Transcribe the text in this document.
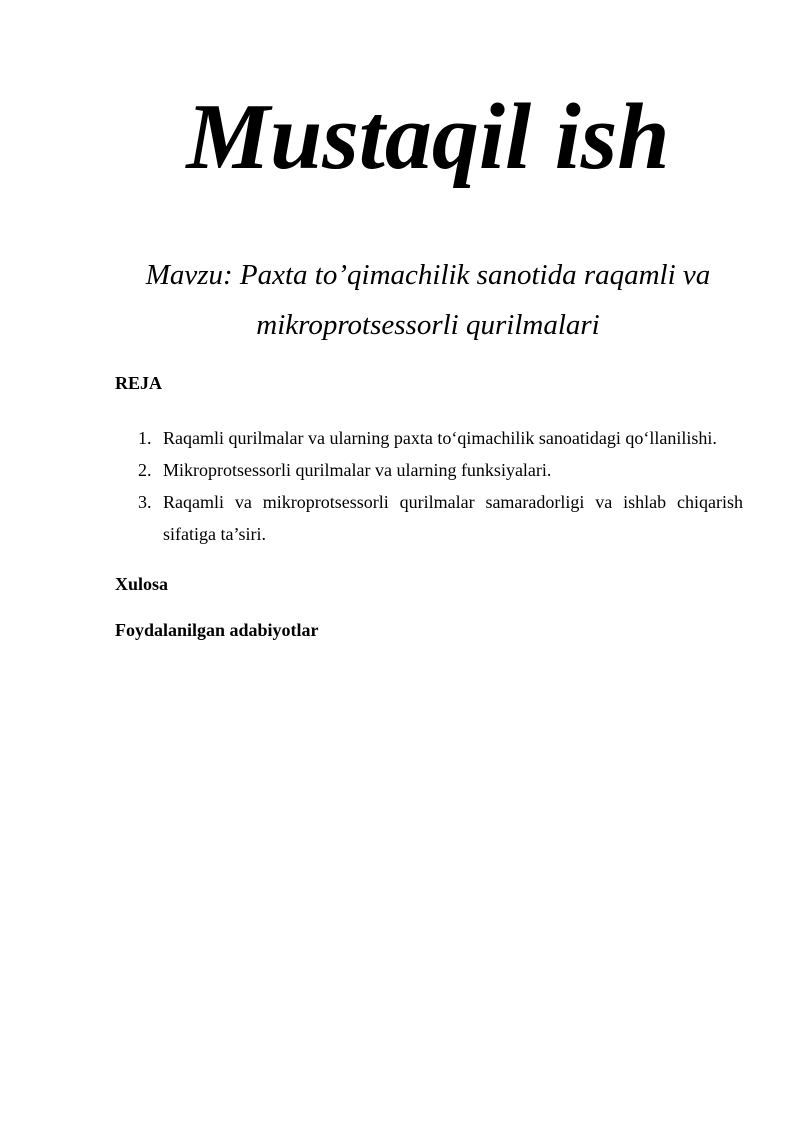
Mustaqil ish

Mavzu: Paxta to’qimachilik sanotida raqamli va mikroprotsessorli qurilmalari

REJA

1. Raqamli qurilmalar va ularning paxta to‘qimachilik sanoatidagi qo‘llanilishi.
2. Mikroprotsessorli qurilmalar va ularning funksiyalari.
3. Raqamli va mikroprotsessorli qurilmalar samaradorligi va ishlab chiqarish sifatiga ta’siri.

Xulosa

Foydalanilgan adabiyotlar
